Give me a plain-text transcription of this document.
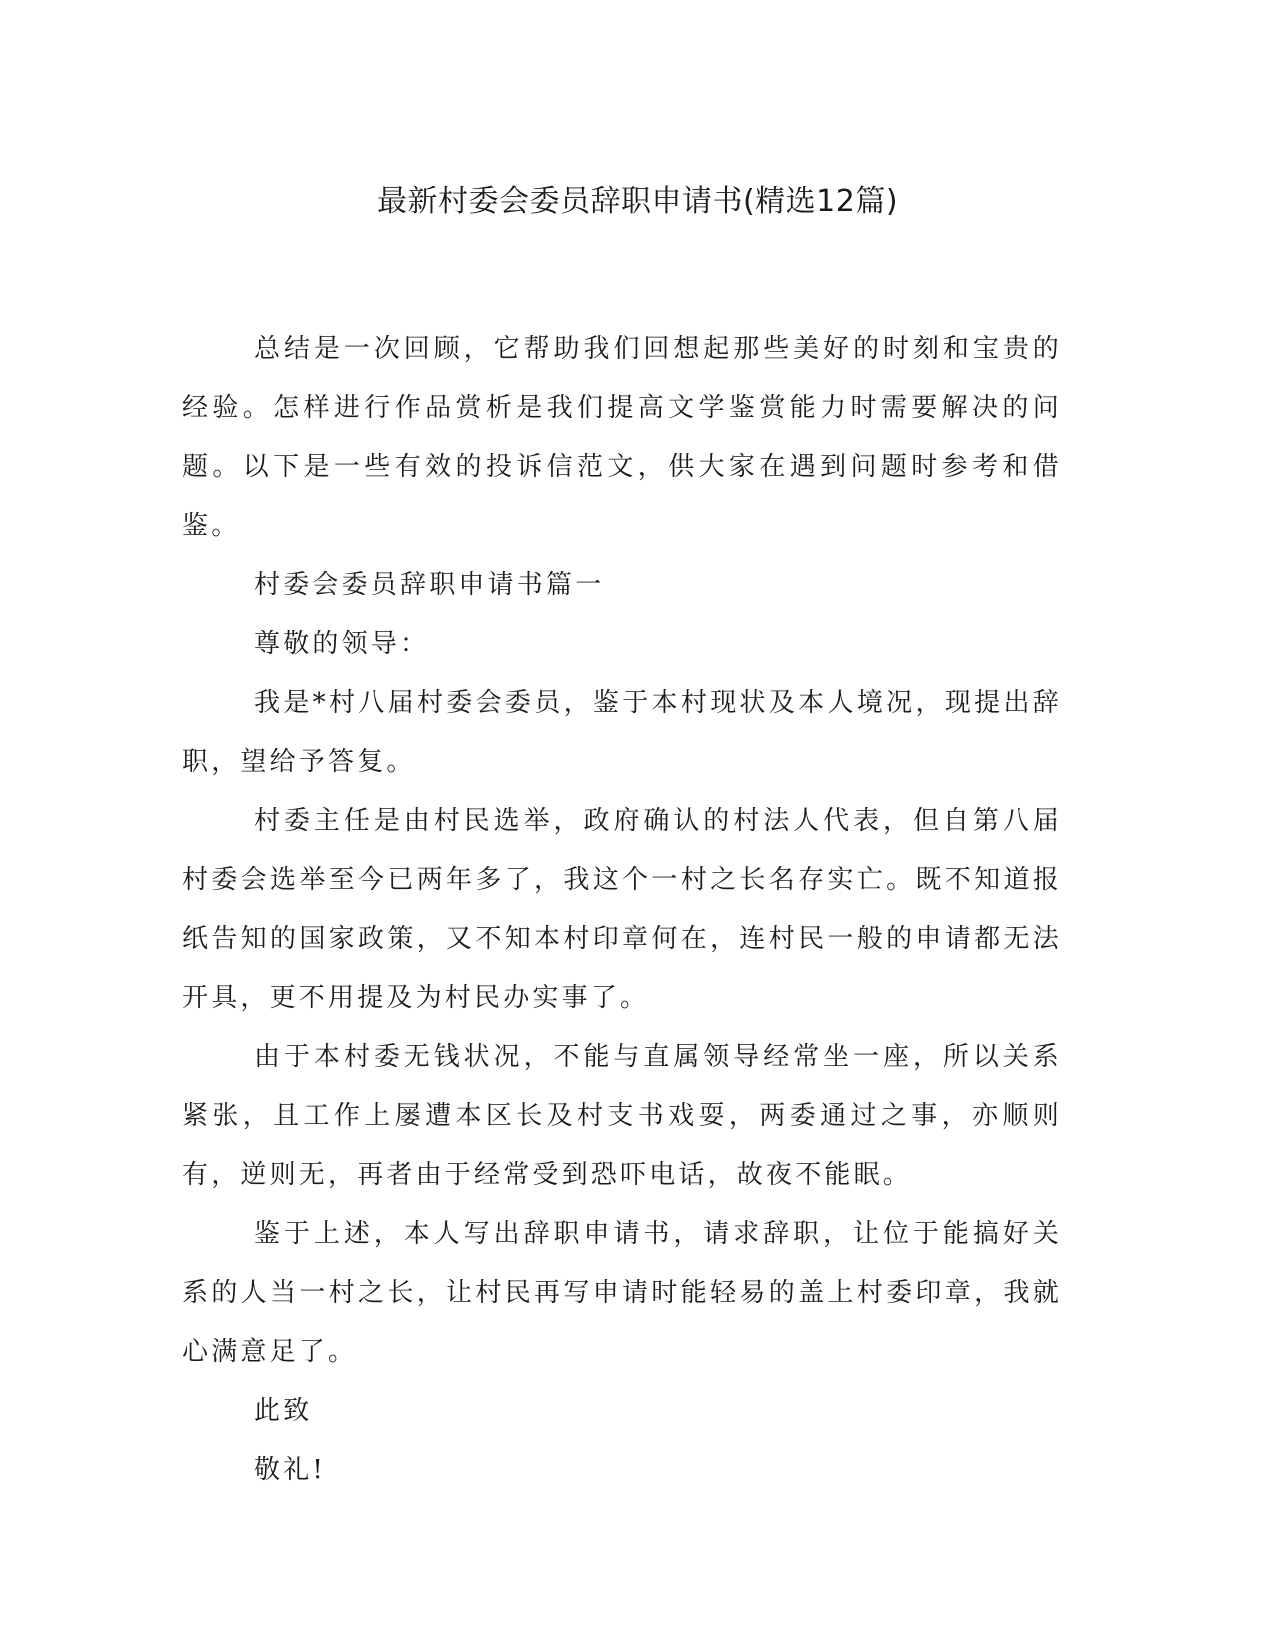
最新村委会委员辞职申请书(精选12篇)

总结是一次回顾，它帮助我们回想起那些美好的时刻和宝贵的经验。怎样进行作品赏析是我们提高文学鉴赏能力时需要解决的问题。以下是一些有效的投诉信范文，供大家在遇到问题时参考和借鉴。

村委会委员辞职申请书篇一

尊敬的领导：

我是*村八届村委会委员，鉴于本村现状及本人境况，现提出辞职，望给予答复。

村委主任是由村民选举，政府确认的村法人代表，但自第八届村委会选举至今已两年多了，我这个一村之长名存实亡。既不知道报纸告知的国家政策，又不知本村印章何在，连村民一般的申请都无法开具，更不用提及为村民办实事了。

由于本村委无钱状况，不能与直属领导经常坐一座，所以关系紧张，且工作上屡遭本区长及村支书戏耍，两委通过之事，亦顺则有，逆则无，再者由于经常受到恐吓电话，故夜不能眠。

鉴于上述，本人写出辞职申请书，请求辞职，让位于能搞好关系的人当一村之长，让村民再写申请时能轻易的盖上村委印章，我就心满意足了。

此致

敬礼!
